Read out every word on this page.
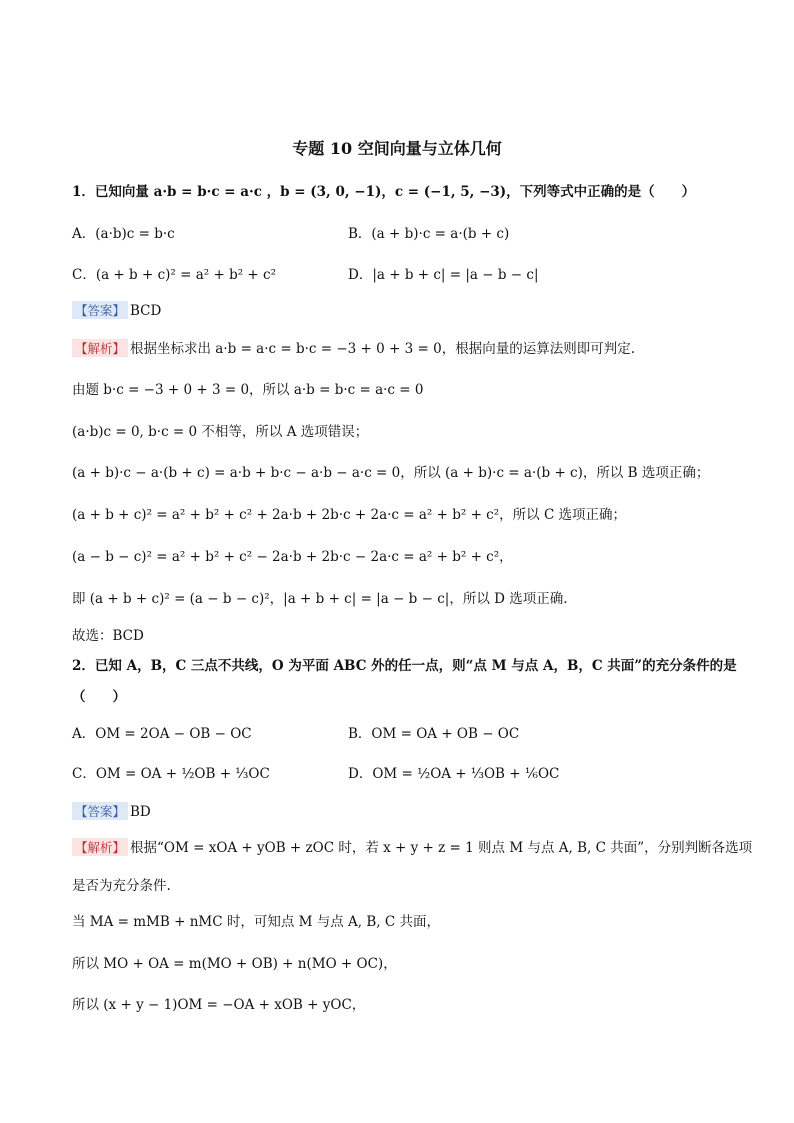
专题 10 空间向量与立体几何
1．已知向量 a·b = b·c = a·c ，b = (3, 0, −1)，c = (−1, 5, −3)，下列等式中正确的是（　　）
A．(a·b)c = b·c	B．(a + b)·c = a·(b + c)
C．(a + b + c)² = a² + b² + c²	D．|a + b + c| = |a − b − c|
【答案】 BCD
【解析】 根据坐标求出 a·b = a·c = b·c = −3 + 0 + 3 = 0，根据向量的运算法则即可判定.
由题 b·c = −3 + 0 + 3 = 0，所以 a·b = b·c = a·c = 0
(a·b)c = 0, b·c = 0 不相等，所以 A 选项错误；
(a + b)·c − a·(b + c) = a·b + b·c − a·b − a·c = 0，所以 (a + b)·c = a·(b + c)，所以 B 选项正确；
(a + b + c)² = a² + b² + c² + 2a·b + 2b·c + 2a·c = a² + b² + c²，所以 C 选项正确；
(a − b − c)² = a² + b² + c² − 2a·b + 2b·c − 2a·c = a² + b² + c²，
即 (a + b + c)² = (a − b − c)²，|a + b + c| = |a − b − c|，所以 D 选项正确.
故选：BCD
2．已知 A，B，C 三点不共线，O 为平面 ABC 外的任一点，则“点 M 与点 A，B，C 共面”的充分条件的是
（　　）
A．OM = 2OA − OB − OC	B．OM = OA + OB − OC
C．OM = OA + ½OB + ⅓OC	D．OM = ½OA + ⅓OB + ⅙OC
【答案】 BD
【解析】 根据“OM = xOA + yOB + zOC 时，若 x + y + z = 1 则点 M 与点 A, B, C 共面”，分别判断各选项
是否为充分条件.
当 MA = mMB + nMC 时，可知点 M 与点 A, B, C 共面，
所以 MO + OA = m(MO + OB) + n(MO + OC)，
所以 (x + y − 1)OM = −OA + xOB + yOC，
